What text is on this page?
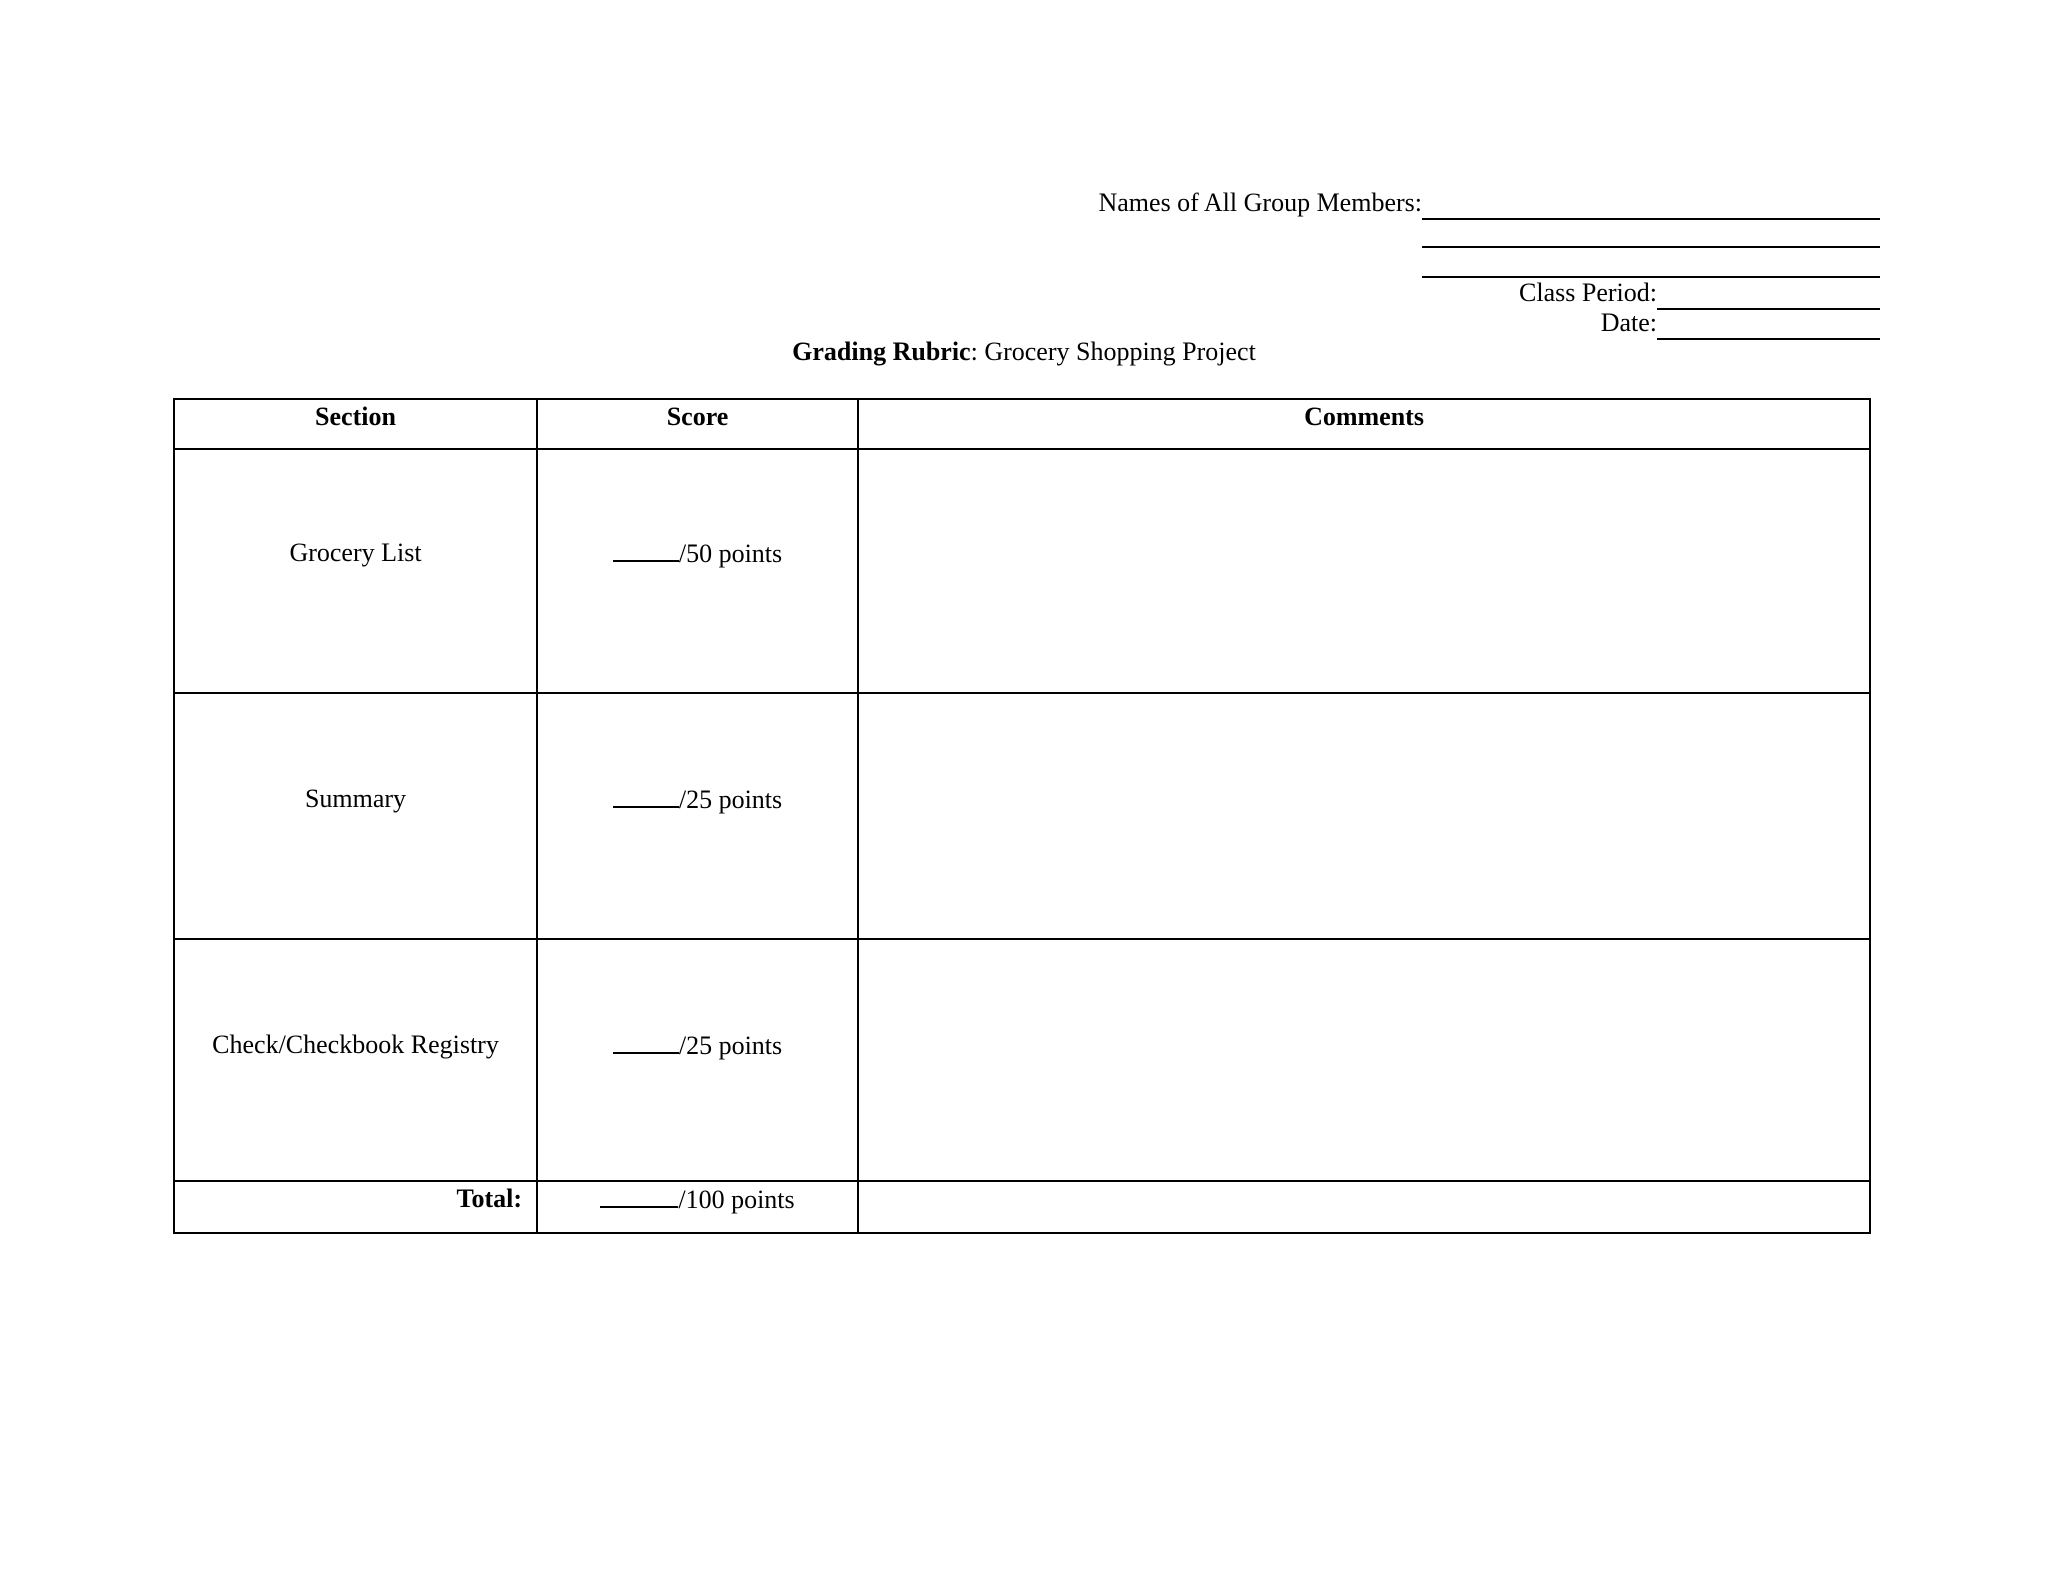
Names of All Group Members:
Class Period:
Date:
Grading Rubric: Grocery Shopping Project
Section	Score	Comments

Grocery List	/50 points	

Summary	/25 points	

Check/Checkbook Registry	/25 points	

Total:	/100 points	
